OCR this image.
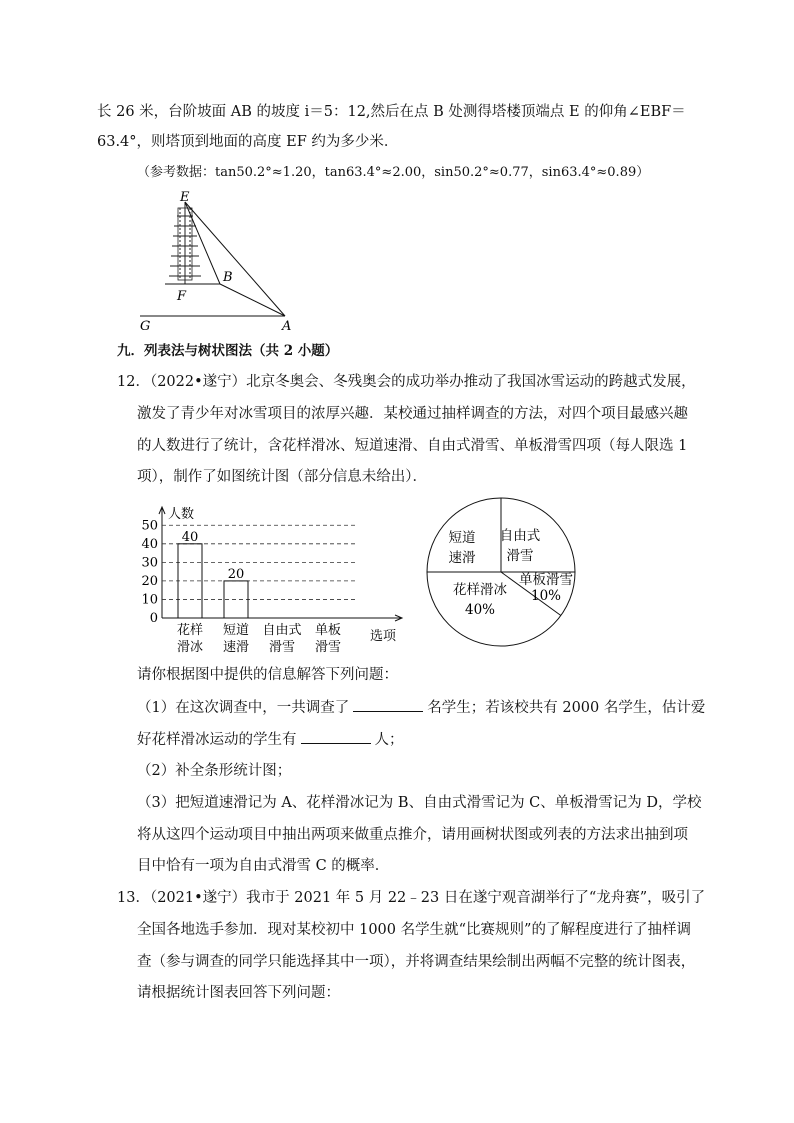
长 26 米，台阶坡面 AB 的坡度 i＝5：12,然后在点 B 处测得塔楼顶端点 E 的仰角∠EBF＝
63.4°，则塔顶到地面的高度 EF 约为多少米．
（参考数据：tan50.2°≈1.20，tan63.4°≈2.00，sin50.2°≈0.77，sin63.4°≈0.89）
E
B
F
G	A
九．列表法与树状图法（共 2 小题）
12．（2022•遂宁）北京冬奥会、冬残奥会的成功举办推动了我国冰雪运动的跨越式发展，
激发了青少年对冰雪项目的浓厚兴趣．某校通过抽样调查的方法，对四个项目最感兴趣
的人数进行了统计，含花样滑冰、短道速滑、自由式滑雪、单板滑雪四项（每人限选 1
项），制作了如图统计图（部分信息未给出）．
人数
选项
0
10
20
30
40
50
花样
滑冰
40
短道
速滑
20
自由式
滑雪
单板
滑雪
花样滑冰
40%
单板滑雪
10%
自由式
滑雪
短道
速滑
请你根据图中提供的信息解答下列问题：
（1）在这次调查中，一共调查了	名学生；若该校共有 2000 名学生，估计爱
好花样滑冰运动的学生有	人；
（2）补全条形统计图；
（3）把短道速滑记为 A、花样滑冰记为 B、自由式滑雪记为 C、单板滑雪记为 D，学校
将从这四个运动项目中抽出两项来做重点推介，请用画树状图或列表的方法求出抽到项
目中恰有一项为自由式滑雪 C 的概率．
13．（2021•遂宁）我市于 2021 年 5 月 22﹣23 日在遂宁观音湖举行了“龙舟赛”，吸引了
全国各地选手参加．现对某校初中 1000 名学生就“比赛规则”的了解程度进行了抽样调
查（参与调查的同学只能选择其中一项），并将调查结果绘制出两幅不完整的统计图表，
请根据统计图表回答下列问题：
